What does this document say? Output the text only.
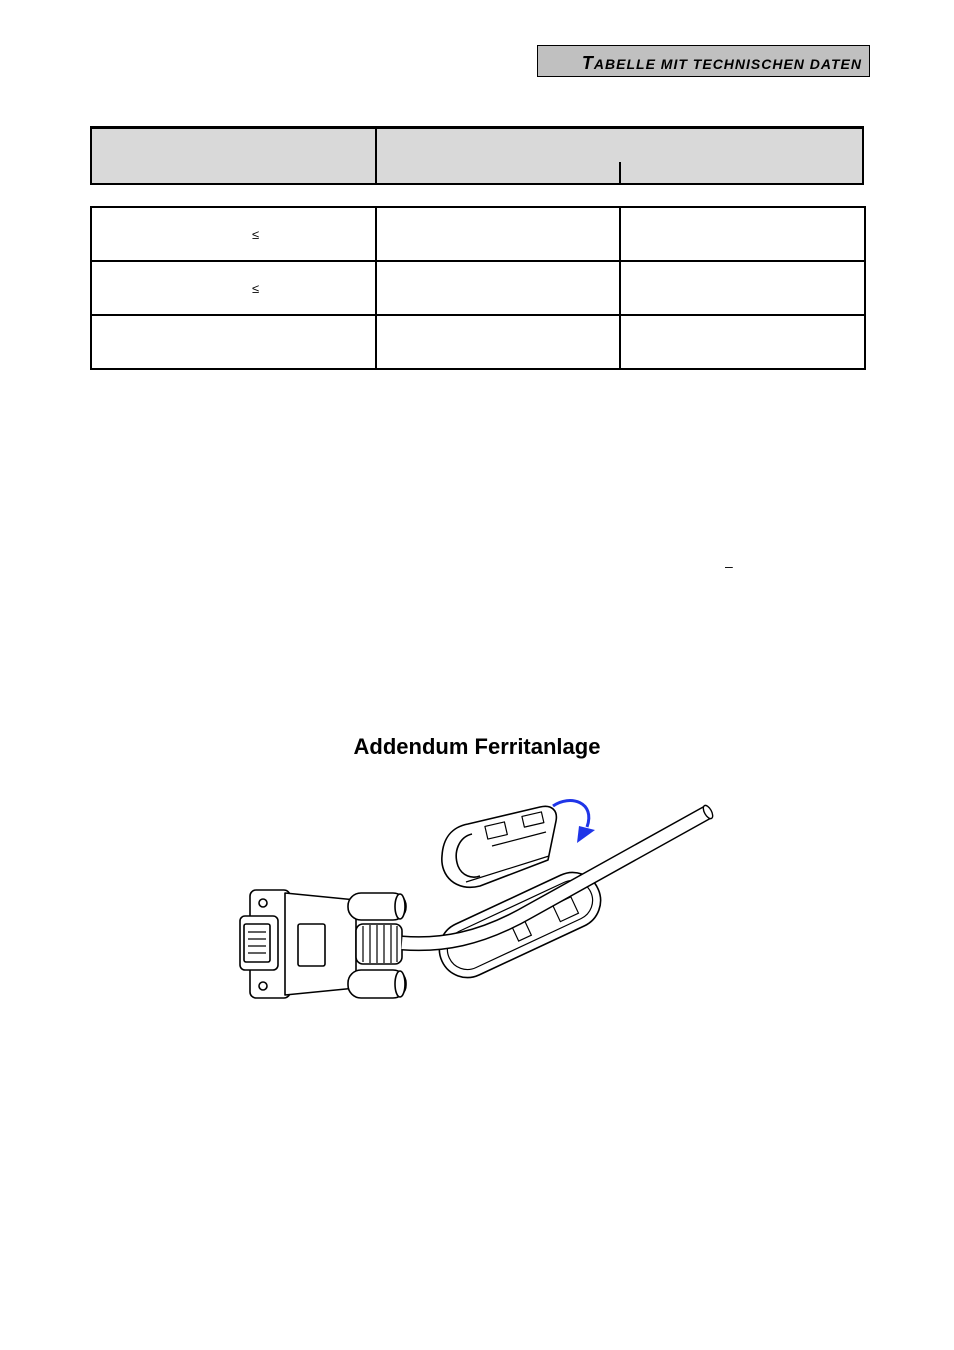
TABELLE MIT TECHNISCHEN DATEN
≤		
≤		

–
Addendum Ferritanlage
